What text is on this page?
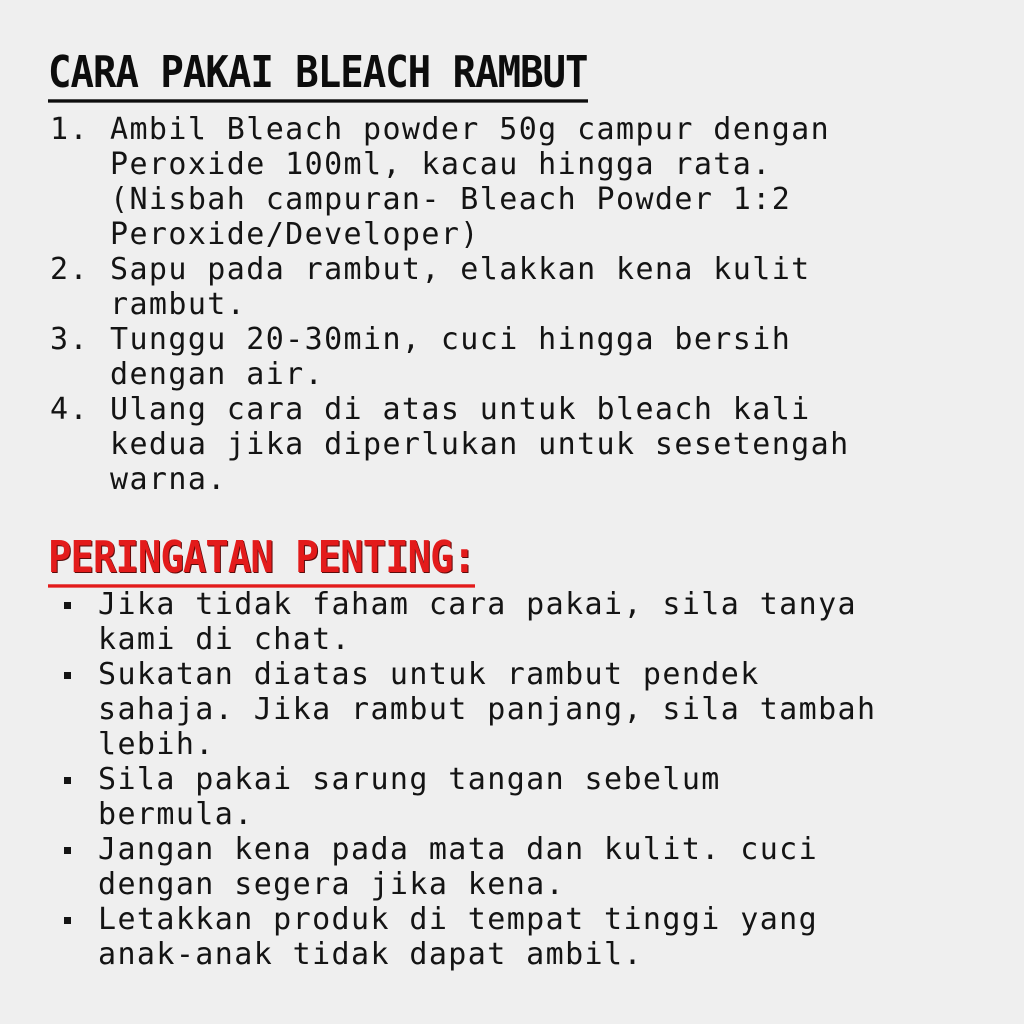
CARA PAKAI BLEACH RAMBUT
1. Ambil Bleach powder 50g campur dengan
Peroxide 100ml, kacau hingga rata.
(Nisbah campuran- Bleach Powder 1:2
Peroxide/Developer)
2. Sapu pada rambut, elakkan kena kulit
rambut.
3. Tunggu 20-30min, cuci hingga bersih
dengan air.
4. Ulang cara di atas untuk bleach kali
kedua jika diperlukan untuk sesetengah
warna.
PERINGATAN PENTING:
Jika tidak faham cara pakai, sila tanya
kami di chat.
Sukatan diatas untuk rambut pendek
sahaja. Jika rambut panjang, sila tambah
lebih.
Sila pakai sarung tangan sebelum
bermula.
Jangan kena pada mata dan kulit. cuci
dengan segera jika kena.
Letakkan produk di tempat tinggi yang
anak-anak tidak dapat ambil.
